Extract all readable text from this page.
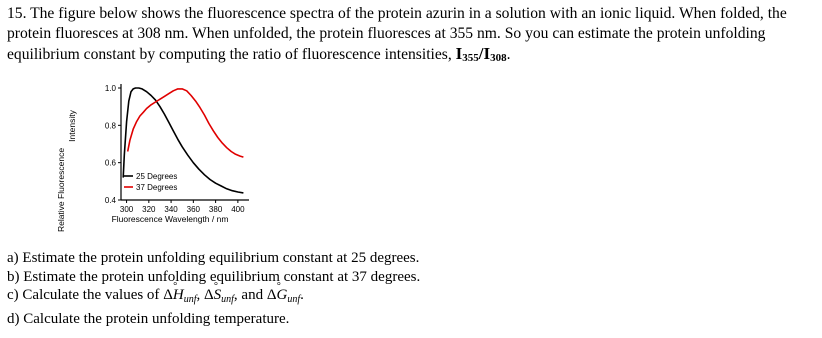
15. The figure below shows the fluorescence spectra of the protein azurin in a solution with an ionic liquid. When folded, the protein fluoresces at 308 nm. When unfolded, the protein fluoresces at 355 nm. So you can estimate the protein unfolding equilibrium constant by computing the ratio of fluorescence intensities, $I_{355}/I_{308}$.
Relative Fluorescence
Intensity
0.4
0.6
0.8
1.0
300 320 340 360 380 400
25 Degrees
37 Degrees
Fluorescence Wavelength / nm
a) Estimate the protein unfolding equilibrium constant at 25 degrees.
b) Estimate the protein unfolding equilibrium constant at 37 degrees.
c) Calculate the values of ΔH $^\circ_{unf}$, ΔS $^\circ_{unf}$, and ΔG $^\circ_{unf}$.
d) Calculate the protein unfolding temperature.
